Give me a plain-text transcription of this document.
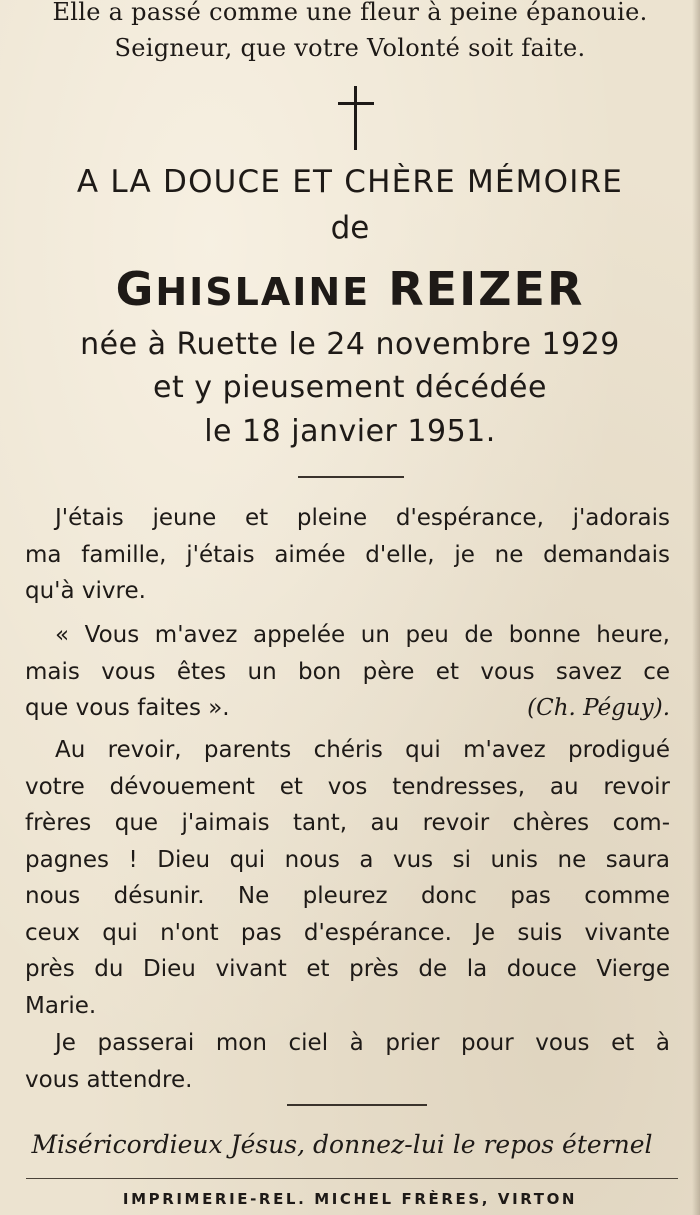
Elle a passé comme une fleur à peine épanouie.
Seigneur, que votre Volonté soit faite.
A LA DOUCE ET CHÈRE MÉMOIRE
de
GHISLAINE REIZER
née à Ruette le 24 novembre 1929
et y pieusement décédée
le 18 janvier 1951.
J'étais jeune et pleine d'espérance, j'adorais
ma famille, j'étais aimée d'elle, je ne demandais
qu'à vivre.
« Vous m'avez appelée un peu de bonne heure,
mais vous êtes un bon père et vous savez ce
que vous faites ».	(Ch. Péguy).
Au revoir, parents chéris qui m'avez prodigué
votre dévouement et vos tendresses, au revoir
frères que j'aimais tant, au revoir chères com-
pagnes ! Dieu qui nous a vus si unis ne saura
nous désunir. Ne pleurez donc pas comme
ceux qui n'ont pas d'espérance. Je suis vivante
près du Dieu vivant et près de la douce Vierge
Marie.
Je passerai mon ciel à prier pour vous et à
vous attendre.
Miséricordieux Jésus, donnez-lui le repos éternel
IMPRIMERIE-REL. MICHEL FRÈRES, VIRTON
